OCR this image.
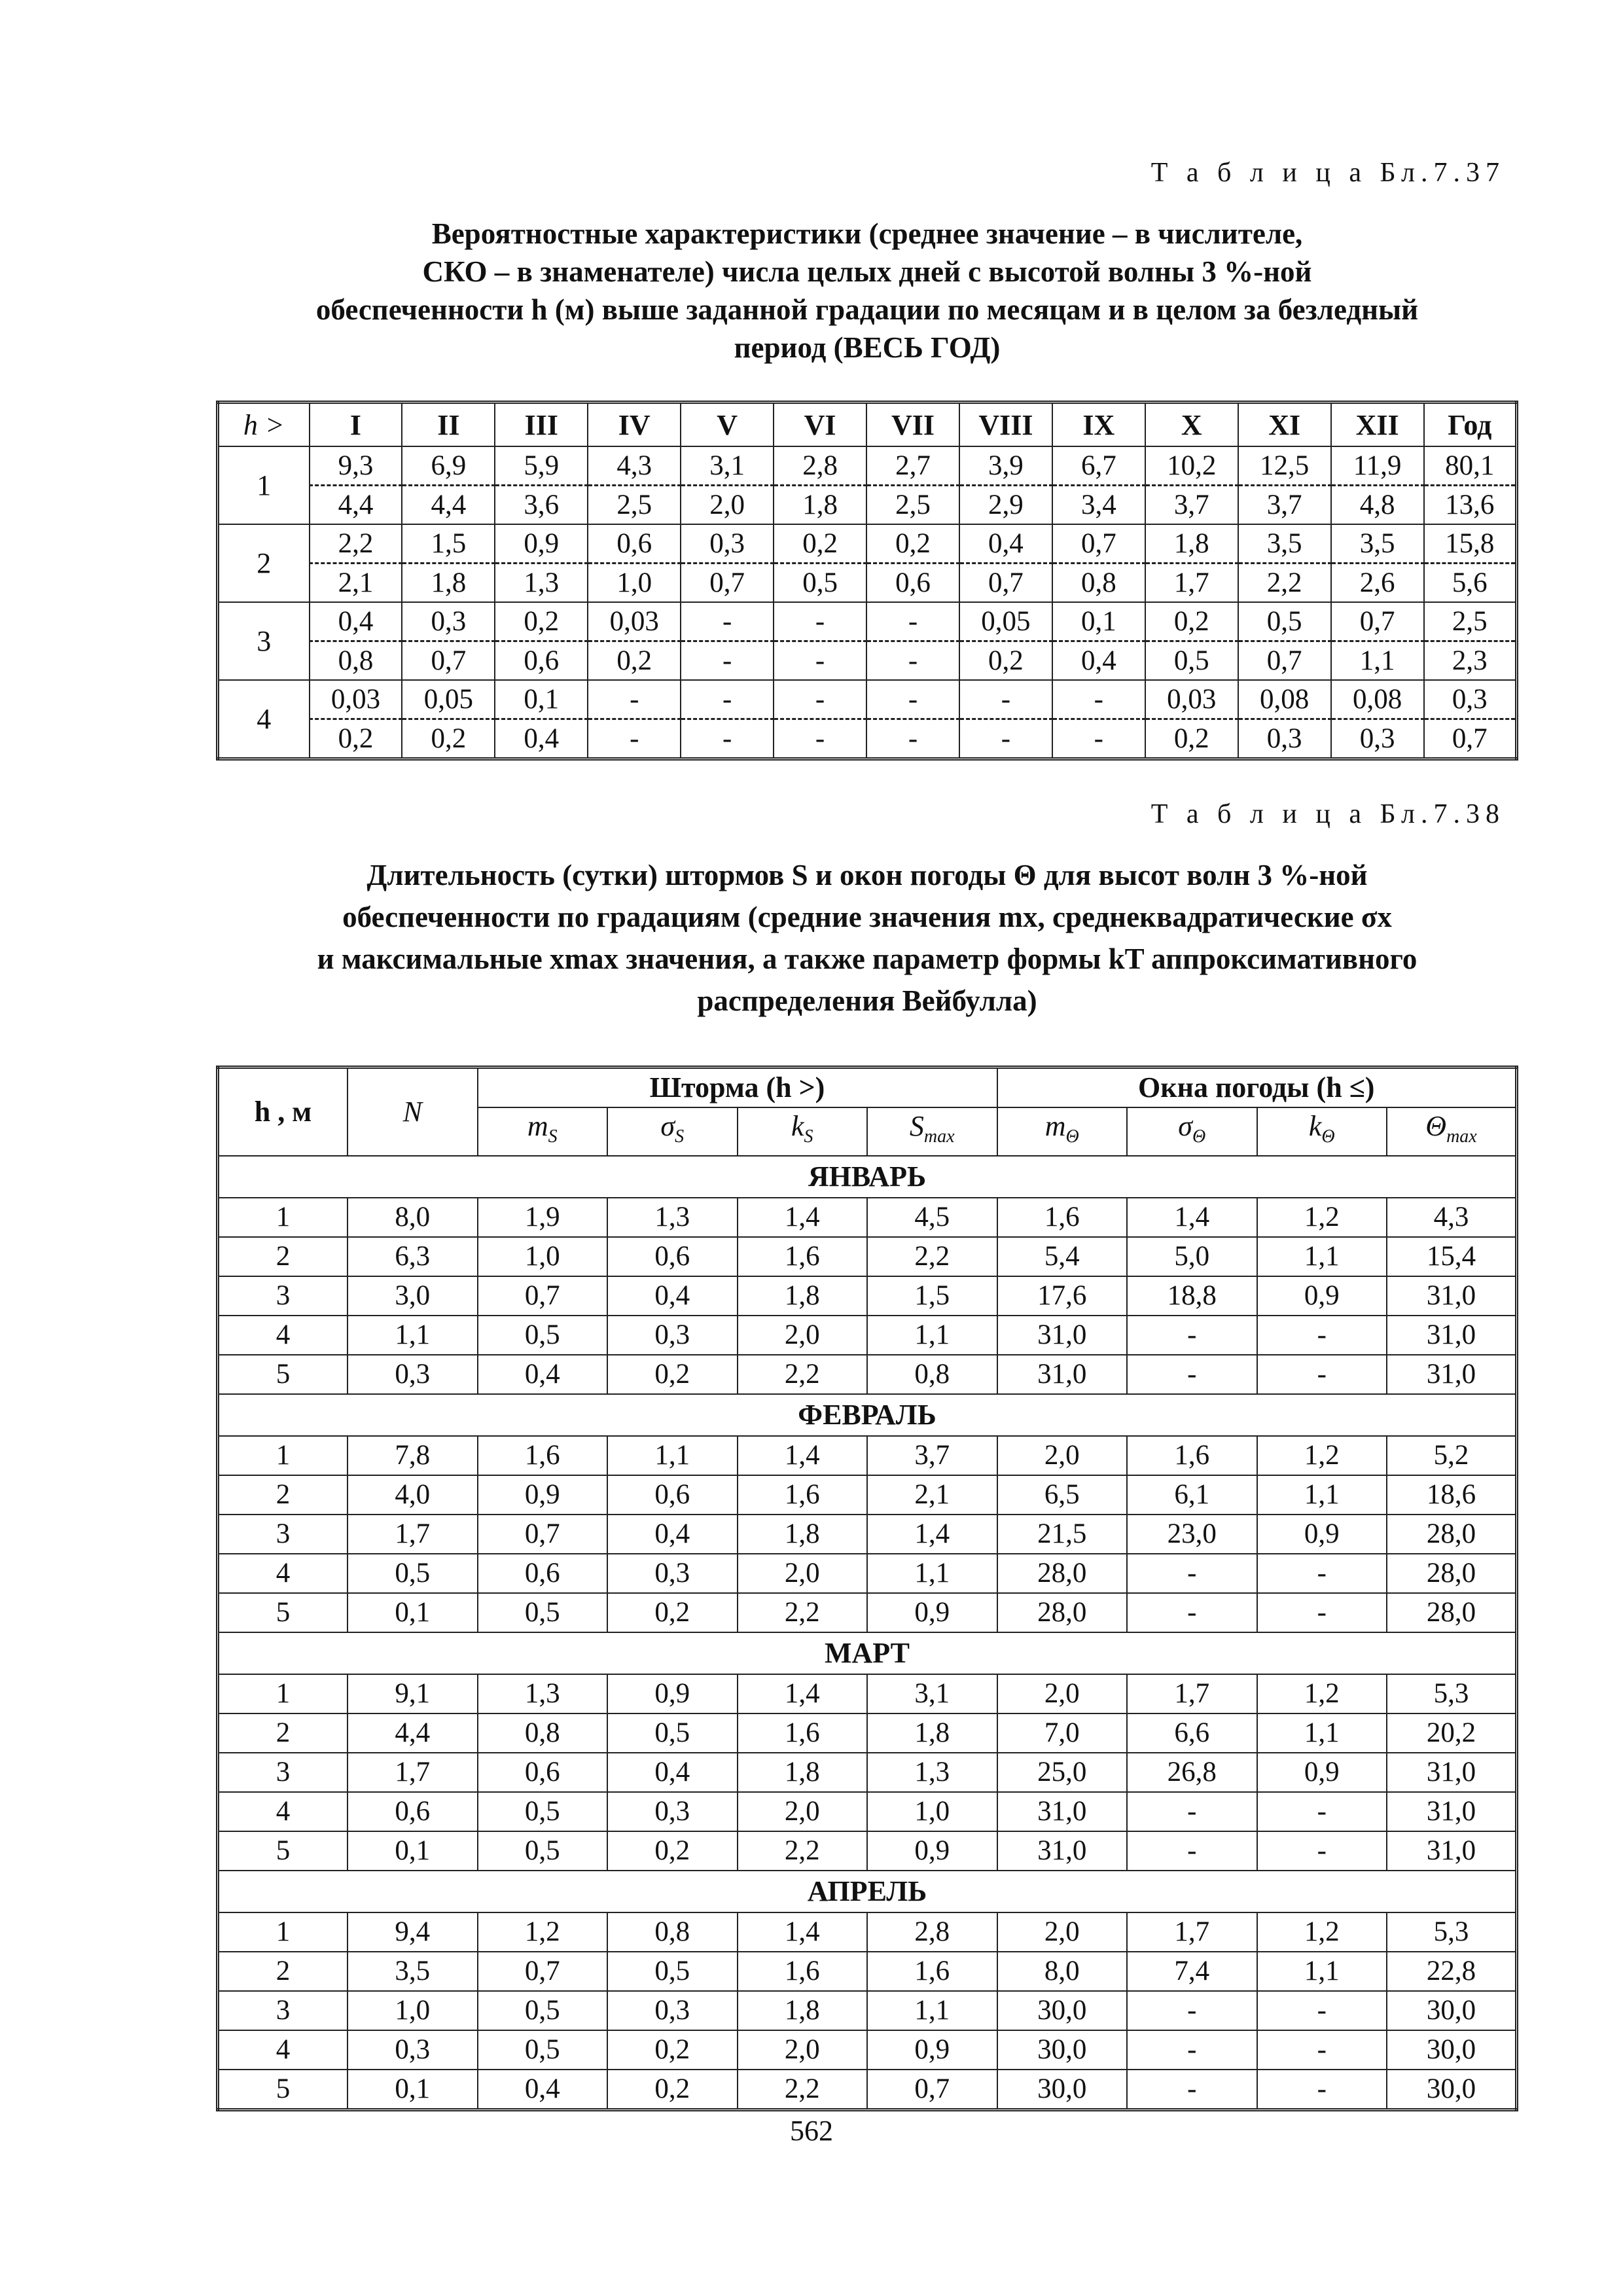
Т а б л и ц а Бл.7.37
Вероятностные характеристики (среднее значение – в числителе,
СКО – в знаменателе) числа целых дней с высотой волны 3 %-ной
обеспеченности h (м) выше заданной градации по месяцам и в целом за безледный
период (ВЕСЬ ГОД)
h >	I	II	III	IV	V	VI	VII	VIII	IX	X	XI	XII	Год
1	9,3	6,9	5,9	4,3	3,1	2,8	2,7	3,9	6,7	10,2	12,5	11,9	80,1
	4,4	4,4	3,6	2,5	2,0	1,8	2,5	2,9	3,4	3,7	3,7	4,8	13,6
2	2,2	1,5	0,9	0,6	0,3	0,2	0,2	0,4	0,7	1,8	3,5	3,5	15,8
	2,1	1,8	1,3	1,0	0,7	0,5	0,6	0,7	0,8	1,7	2,2	2,6	5,6
3	0,4	0,3	0,2	0,03	-	-	-	0,05	0,1	0,2	0,5	0,7	2,5
	0,8	0,7	0,6	0,2	-	-	-	0,2	0,4	0,5	0,7	1,1	2,3
4	0,03	0,05	0,1	-	-	-	-	-	-	0,03	0,08	0,08	0,3
	0,2	0,2	0,4	-	-	-	-	-	-	0,2	0,3	0,3	0,7
Т а б л и ц а Бл.7.38
Длительность (сутки) штормов S и окон погоды Θ для высот волн 3 %-ной
обеспеченности по градациям (средние значения mx, среднеквадратические σx
и максимальные xmax значения, а также параметр формы kT аппроксимативного
распределения Вейбулла)
h , м	N	Шторма (h >)				Окна погоды (h ≤)			
		$m_S$	$\sigma_S$	$k_S$	$S_{max}$	$m_\Theta$	$\sigma_\Theta$	$k_\Theta$	$\Theta_{max}$
ЯНВАРЬ									
1	8,0	1,9	1,3	1,4	4,5	1,6	1,4	1,2	4,3
2	6,3	1,0	0,6	1,6	2,2	5,4	5,0	1,1	15,4
3	3,0	0,7	0,4	1,8	1,5	17,6	18,8	0,9	31,0
4	1,1	0,5	0,3	2,0	1,1	31,0	-	-	31,0
5	0,3	0,4	0,2	2,2	0,8	31,0	-	-	31,0
ФЕВРАЛЬ									
1	7,8	1,6	1,1	1,4	3,7	2,0	1,6	1,2	5,2
2	4,0	0,9	0,6	1,6	2,1	6,5	6,1	1,1	18,6
3	1,7	0,7	0,4	1,8	1,4	21,5	23,0	0,9	28,0
4	0,5	0,6	0,3	2,0	1,1	28,0	-	-	28,0
5	0,1	0,5	0,2	2,2	0,9	28,0	-	-	28,0
МАРТ									
1	9,1	1,3	0,9	1,4	3,1	2,0	1,7	1,2	5,3
2	4,4	0,8	0,5	1,6	1,8	7,0	6,6	1,1	20,2
3	1,7	0,6	0,4	1,8	1,3	25,0	26,8	0,9	31,0
4	0,6	0,5	0,3	2,0	1,0	31,0	-	-	31,0
5	0,1	0,5	0,2	2,2	0,9	31,0	-	-	31,0
АПРЕЛЬ									
1	9,4	1,2	0,8	1,4	2,8	2,0	1,7	1,2	5,3
2	3,5	0,7	0,5	1,6	1,6	8,0	7,4	1,1	22,8
3	1,0	0,5	0,3	1,8	1,1	30,0	-	-	30,0
4	0,3	0,5	0,2	2,0	0,9	30,0	-	-	30,0
5	0,1	0,4	0,2	2,2	0,7	30,0	-	-	30,0
562
